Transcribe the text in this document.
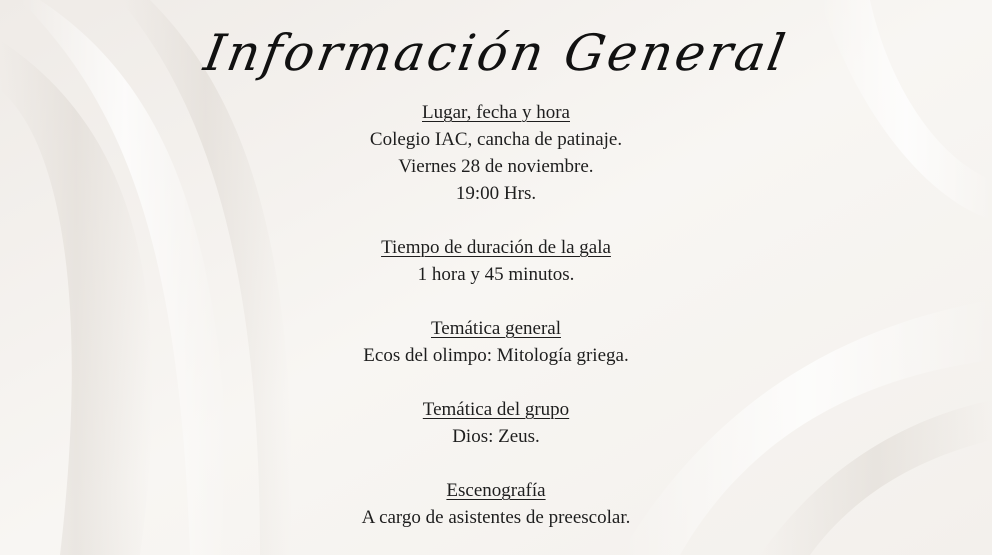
Información General
Lugar, fecha y hora
Colegio IAC, cancha de patinaje.
Viernes 28 de noviembre.
19:00 Hrs.
Tiempo de duración de la gala
1 hora y 45 minutos.
Temática general
Ecos del olimpo: Mitología griega.
Temática del grupo
Dios: Zeus.
Escenografía
A cargo de asistentes de preescolar.
